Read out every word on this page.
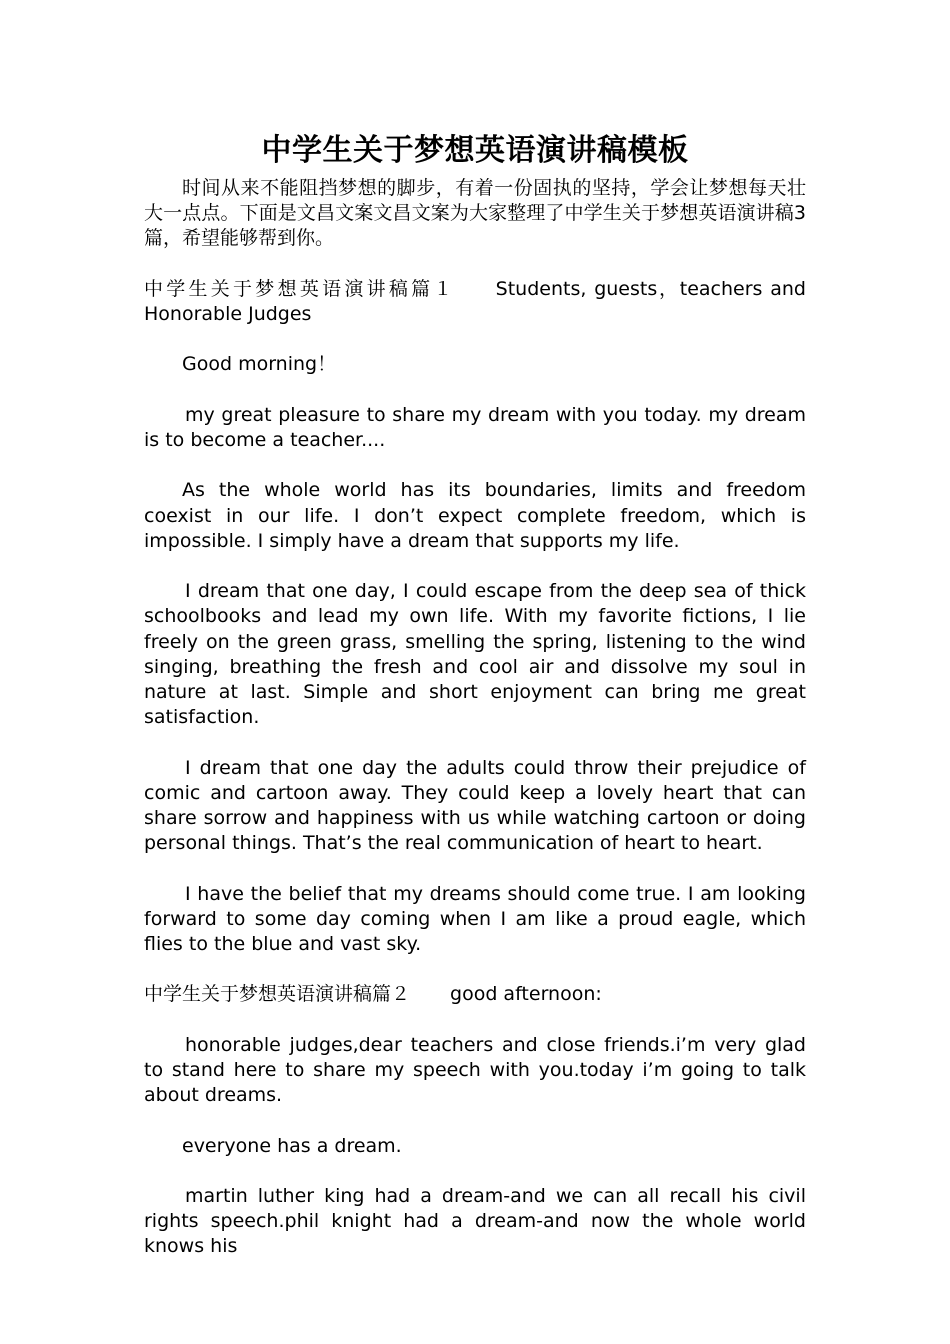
中学生关于梦想英语演讲稿模板

时间从来不能阻挡梦想的脚步，有着一份固执的坚持，学会让梦想每天壮大一点点。下面是文昌文案文昌文案为大家整理了中学生关于梦想英语演讲稿3篇，希望能够帮到你。

中学生关于梦想英语演讲稿篇１ Students, guests，teachers and Honorable Judges

Good morning！

my great pleasure to share my dream with you today. my dream is to become a teacher....

As the whole world has its boundaries, limits and freedom coexist in our life. I don’t expect complete freedom, which is impossible. I simply have a dream that supports my life.

I dream that one day, I could escape from the deep sea of thick schoolbooks and lead my own life. With my favorite fictions, I lie freely on the green grass, smelling the spring, listening to the wind singing, breathing the fresh and cool air and dissolve my soul in nature at last. Simple and short enjoyment can bring me great satisfaction.

I dream that one day the adults could throw their prejudice of comic and cartoon away. They could keep a lovely heart that can share sorrow and happiness with us while watching cartoon or doing personal things. That’s the real communication of heart to heart.

I have the belief that my dreams should come true. I am looking forward to some day coming when I am like a proud eagle, which flies to the blue and vast sky.

中学生关于梦想英语演讲稿篇２ good afternoon:

honorable judges,dear teachers and close friends.i’m very glad to stand here to share my speech with you.today i’m going to talk about dreams.

everyone has a dream.

martin luther king had a dream-and we can all recall his civil rights speech.phil knight had a dream-and now the whole world knows his
